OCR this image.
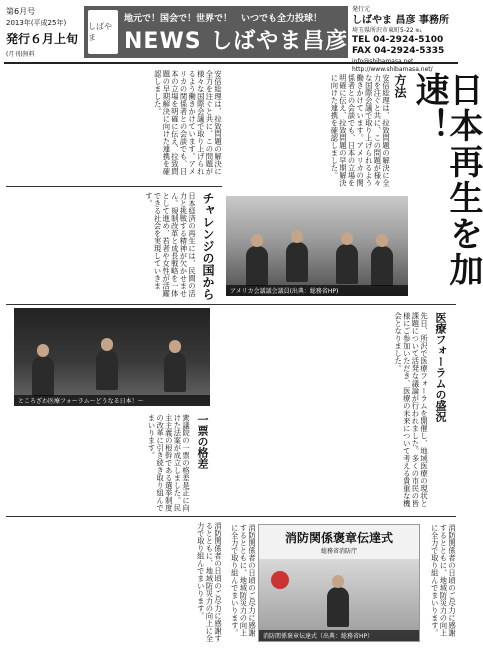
第6月号
2013年(平成25年)
発行６月上旬
(月刊)無料
地元で！国会で！世界で！　いつでも全力投球！
NEWS しばやま昌彦
しばやま
発行元
しばやま 昌彦 事務所
埼玉県所沢市東町5-22 ℡
TEL 04-2924-5100
FAX 04-2924-5335
http://www.shibamasa.net/
日本再生を加速！
方法
安倍総理は、拉致問題の解決に全力を注ぐと共に、この問題が様々な国際会議で取り上げられるよう働きかけています。アメリカの関係者との会談でも、日本の立場を明確に伝え、拉致問題の早期解決に向けた連携を確認しました。
アメリカ会議議会議員(出典：総務省HP)
安倍総理は、拉致問題の解決に全力を注ぐと共に、この問題が様々な国際会議で取り上げられるよう働きかけています。アメリカの関係者との会談でも、日本の立場を明確に伝え、拉致問題の早期解決に向けた連携を確認しました。
チャレンジの国から
日本経済の再生には、民間の活力と挑戦する精神が欠かせません。規制改革と成長戦略を一体として進め、若者や女性が活躍できる社会を実現していきます。
ところざわ医療フォーラム～どうなる日本！～	医療フォーラムの盛況
先日、所沢で医療フォーラムを開催し、地域医療の現状と課題について活発な議論が行われました。多くの市民の皆様にご参加いただき、医療の未来について考える貴重な機会となりました。
一票の格差
衆議院の一票の格差是正に向けた法案が成立しました。民主主義の根幹である選挙制度の改革に引き続き取り組んでまいります。
消防関係者の日頃のご尽力に感謝するとともに、地域防災力の向上に全力で取り組んでまいります。	消防関係褒章伝達式
総務省消防庁
消防関係褒章伝達式（出典：総務省HP）
消防関係者の日頃のご尽力に感謝するとともに、地域防災力の向上に全力で取り組んでまいります。	消防関係者の日頃のご尽力に感謝するとともに、地域防災力の向上に全力で取り組んでまいります。
